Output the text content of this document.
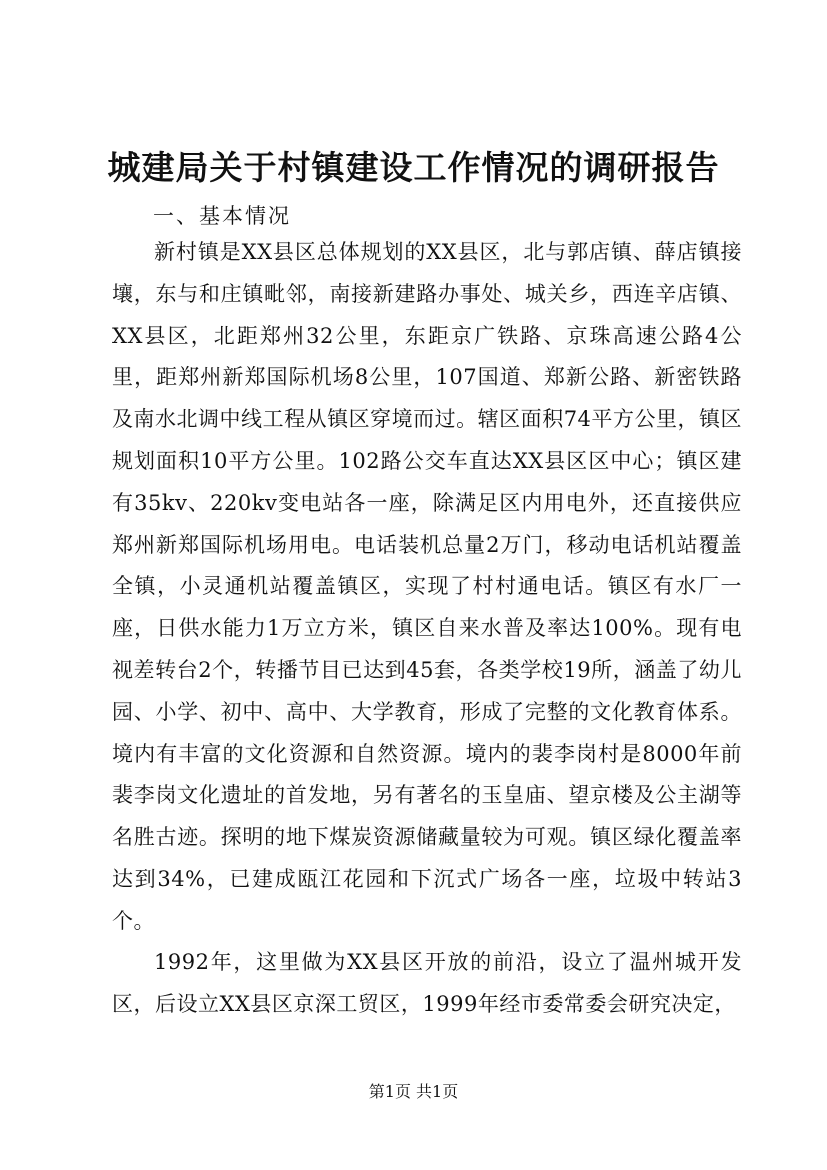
城建局关于村镇建设工作情况的调研报告

一、基本情况

新村镇是XX县区总体规划的XX县区，北与郭店镇、薛店镇接壤，东与和庄镇毗邻，南接新建路办事处、城关乡，西连辛店镇、XX县区，北距郑州32公里，东距京广铁路、京珠高速公路4公里，距郑州新郑国际机场8公里，107国道、郑新公路、新密铁路及南水北调中线工程从镇区穿境而过。辖区面积74平方公里，镇区规划面积10平方公里。102路公交车直达XX县区区中心；镇区建有35kv、220kv变电站各一座，除满足区内用电外，还直接供应郑州新郑国际机场用电。电话装机总量2万门，移动电话机站覆盖全镇，小灵通机站覆盖镇区，实现了村村通电话。镇区有水厂一座，日供水能力1万立方米，镇区自来水普及率达100%。现有电视差转台2个，转播节目已达到45套，各类学校19所，涵盖了幼儿园、小学、初中、高中、大学教育，形成了完整的文化教育体系。境内有丰富的文化资源和自然资源。境内的裴李岗村是8000年前裴李岗文化遗址的首发地，另有著名的玉皇庙、望京楼及公主湖等名胜古迹。探明的地下煤炭资源储藏量较为可观。镇区绿化覆盖率达到34%，已建成瓯江花园和下沉式广场各一座，垃圾中转站3个。

1992年，这里做为XX县区开放的前沿，设立了温州城开发区，后设立XX县区京深工贸区，1999年经市委常委会研究决定，

第1页 共1页
